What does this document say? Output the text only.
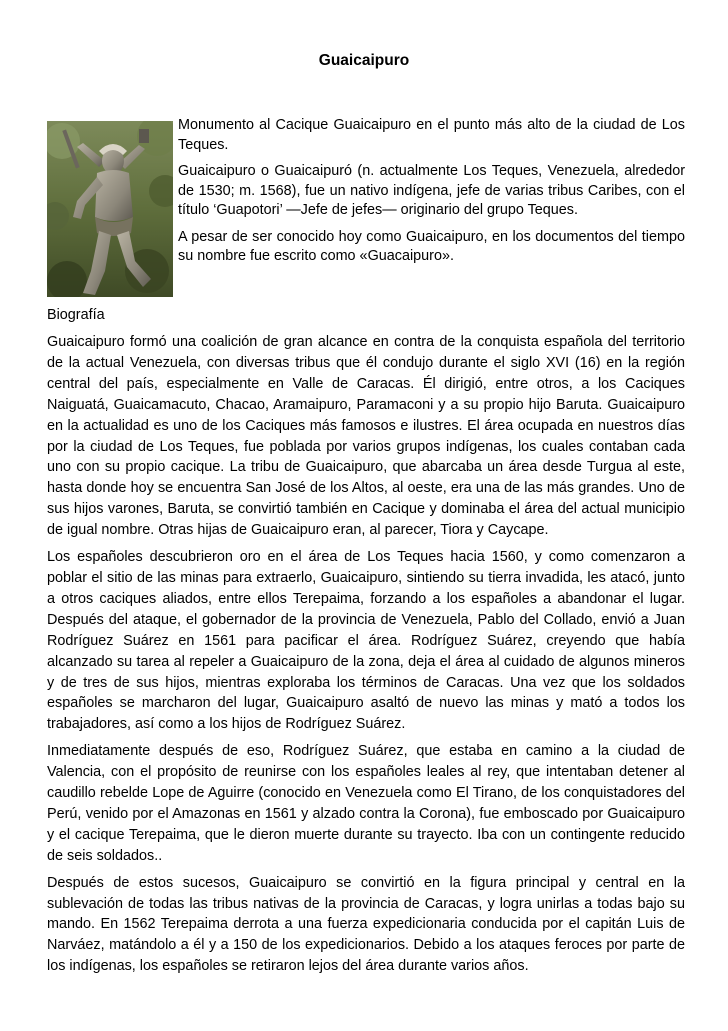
Guaicaipuro

Monumento al Cacique Guaicaipuro en el punto más alto de la ciudad de Los Teques.

Guaicaipuro o Guaicaipuró (n. actualmente Los Teques, Venezuela, alrededor de 1530; m. 1568), fue un nativo indígena, jefe de varias tribus Caribes, con el título ‘Guapotori’ —Jefe de jefes— originario del grupo Teques.

A pesar de ser conocido hoy como Guaicaipuro, en los documentos del tiempo su nombre fue escrito como «Guacaipuro».

Biografía

Guaicaipuro formó una coalición de gran alcance en contra de la conquista española del territorio de la actual Venezuela, con diversas tribus que él condujo durante el siglo XVI (16) en la región central del país, especialmente en Valle de Caracas. Él dirigió, entre otros, a los Caciques Naiguatá, Guaicamacuto, Chacao, Aramaipuro, Paramaconi y a su propio hijo Baruta. Guaicaipuro en la actualidad es uno de los Caciques más famosos e ilustres. El área ocupada en nuestros días por la ciudad de Los Teques, fue poblada por varios grupos indígenas, los cuales contaban cada uno con su propio cacique. La tribu de Guaicaipuro, que abarcaba un área desde Turgua al este, hasta donde hoy se encuentra San José de los Altos, al oeste, era una de las más grandes. Uno de sus hijos varones, Baruta, se convirtió también en Cacique y dominaba el área del actual municipio de igual nombre. Otras hijas de Guaicaipuro eran, al parecer, Tiora y Caycape.

Los españoles descubrieron oro en el área de Los Teques hacia 1560, y como comenzaron a poblar el sitio de las minas para extraerlo, Guaicaipuro, sintiendo su tierra invadida, les atacó, junto a otros caciques aliados, entre ellos Terepaima, forzando a los españoles a abandonar el lugar. Después del ataque, el gobernador de la provincia de Venezuela, Pablo del Collado, envió a Juan Rodríguez Suárez en 1561 para pacificar el área. Rodríguez Suárez, creyendo que había alcanzado su tarea al repeler a Guaicaipuro de la zona, deja el área al cuidado de algunos mineros y de tres de sus hijos, mientras exploraba los términos de Caracas. Una vez que los soldados españoles se marcharon del lugar, Guaicaipuro asaltó de nuevo las minas y mató a todos los trabajadores, así como a los hijos de Rodríguez Suárez.

Inmediatamente después de eso, Rodríguez Suárez, que estaba en camino a la ciudad de Valencia, con el propósito de reunirse con los españoles leales al rey, que intentaban detener al caudillo rebelde Lope de Aguirre (conocido en Venezuela como El Tirano, de los conquistadores del Perú, venido por el Amazonas en 1561 y alzado contra la Corona), fue emboscado por Guaicaipuro y el cacique Terepaima, que le dieron muerte durante su trayecto. Iba con un contingente reducido de seis soldados..

Después de estos sucesos, Guaicaipuro se convirtió en la figura principal y central en la sublevación de todas las tribus nativas de la provincia de Caracas, y logra unirlas a todas bajo su mando. En 1562 Terepaima derrota a una fuerza expedicionaria conducida por el capitán Luis de Narváez, matándolo a él y a 150 de los expedicionarios. Debido a los ataques feroces por parte de los indígenas, los españoles se retiraron lejos del área durante varios años.
